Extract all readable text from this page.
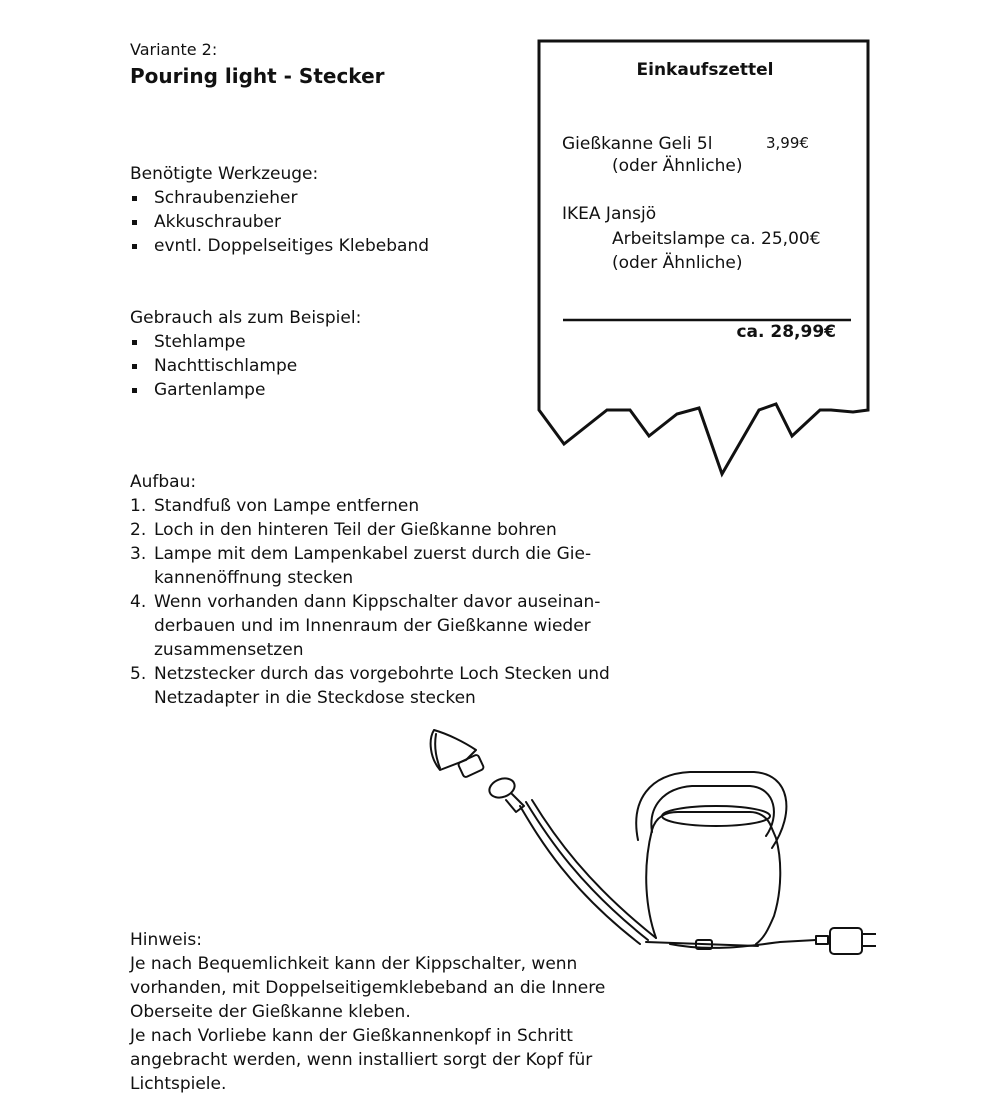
Variante 2:
Pouring light - Stecker
Benötigte Werkzeuge:
Schraubenzieher
Akkuschrauber
evntl. Doppelseitiges Klebeband
Gebrauch als zum Beispiel:
Stehlampe
Nachttischlampe
Gartenlampe
Einkaufszettel
Gießkanne Geli 5l	3,99€
(oder Ähnliche)
IKEA Jansjö
Arbeitslampe ca. 25,00€
(oder Ähnliche)
ca. 28,99€
Aufbau:
1. Standfuß von Lampe entfernen
2. Loch in den hinteren Teil der Gießkanne bohren
3. Lampe mit dem Lampenkabel zuerst durch die Gie-kannenöffnung stecken
4. Wenn vorhanden dann Kippschalter davor auseinan-derbauen und im Innenraum der Gießkanne wieder zusammensetzen
5. Netzstecker durch das vorgebohrte Loch Stecken und Netzadapter in die Steckdose stecken
Hinweis:
Je nach Bequemlichkeit kann der Kippschalter, wenn vorhanden, mit Doppelseitigemklebeband an die Innere Oberseite der Gießkanne kleben.
Je nach Vorliebe kann der Gießkannenkopf in Schritt angebracht werden, wenn installiert sorgt der Kopf für Lichtspiele.
